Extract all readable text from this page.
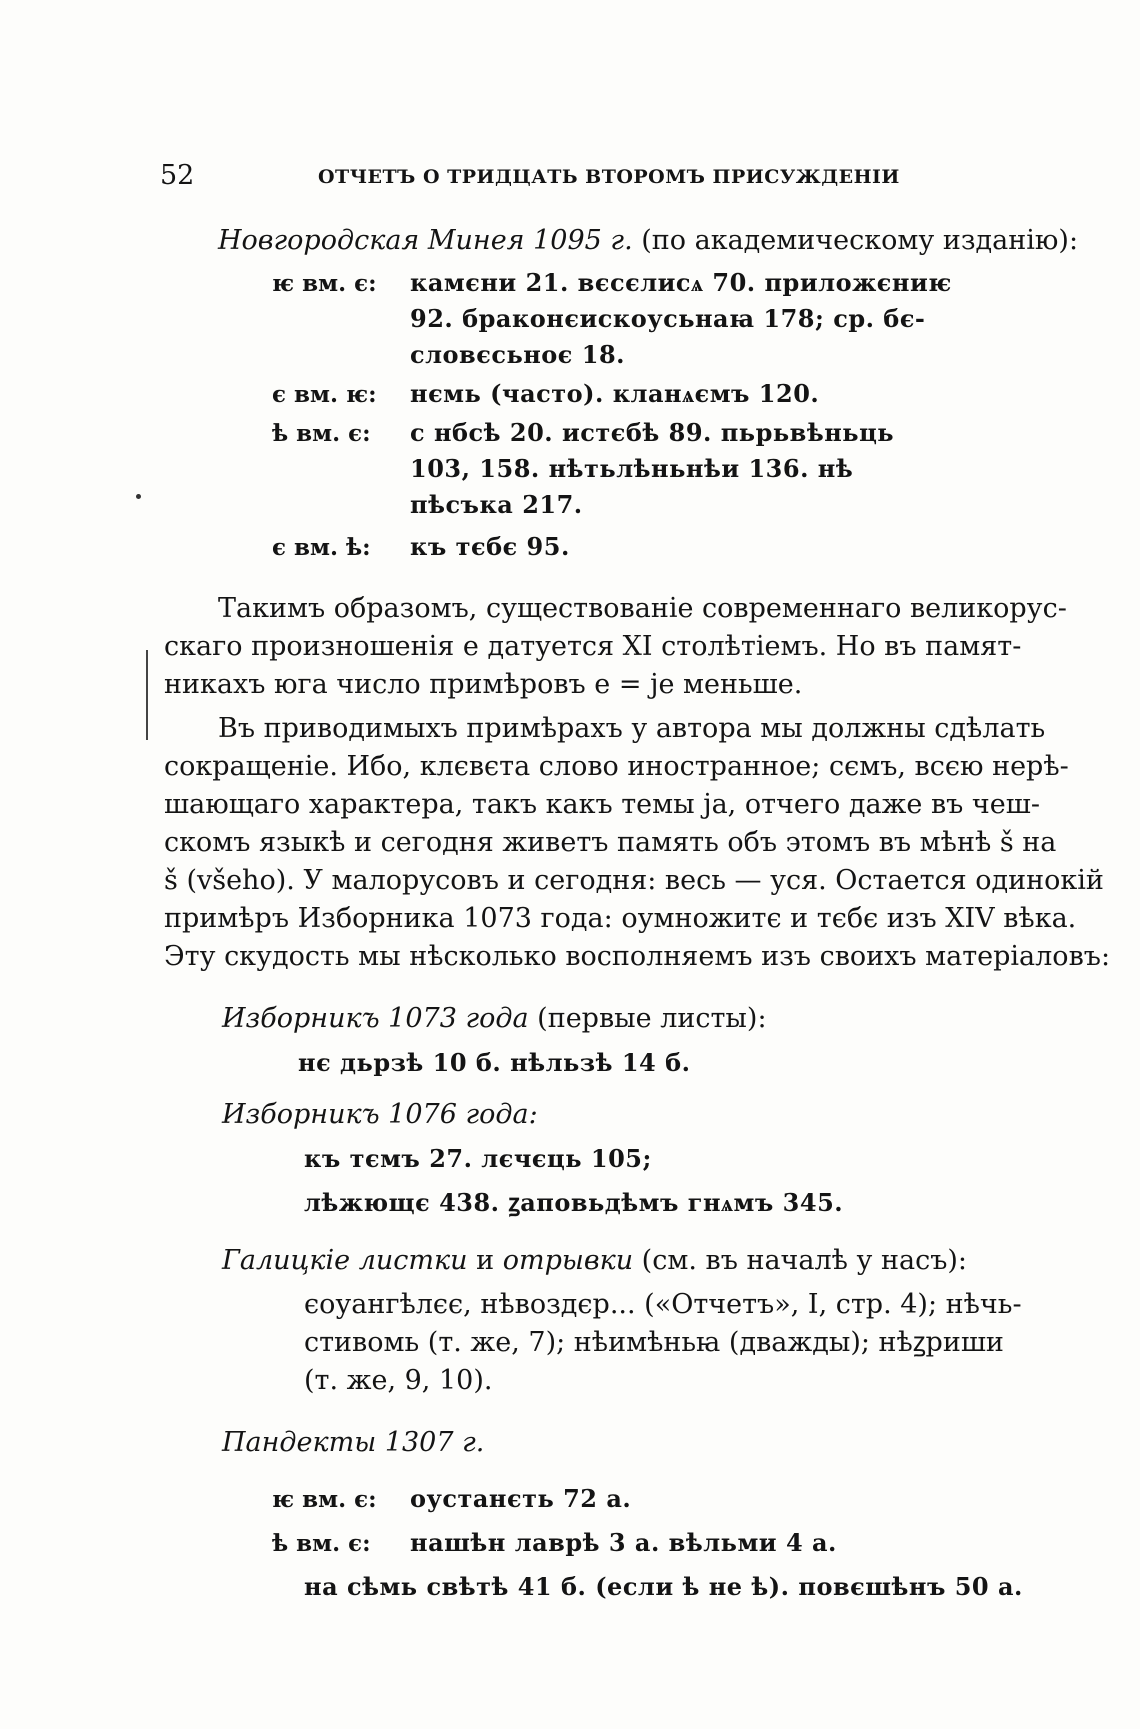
52	ОТЧЕТЪ О ТРИДЦАТЬ ВТОРОМЪ ПРИСУЖДЕНІИ
Новгородская Минея 1095 г. (по академическому изданію):
ѥ вм. є: камєни 21. вєсєлисѧ 70. приложєниѥ
92. браконєискоусьнаꙗ 178; ср. бє-
словєсьноє 18.
є вм. ѥ: нємь (часто). кланѧємъ 120.
ѣ вм. є: с нбсѣ 20. истєбѣ 89. пьрьвѣньць
103, 158. нѣтьлѣньнѣи 136. нѣ
пѣсъка 217.
є вм. ѣ: къ тєбє 95.
Такимъ образомъ, существованіе современнаго великорус-
скаго произношенія е датуется XI столѣтіемъ. Но въ памят-
никахъ юга число примѣровъ е = je меньше.
Въ приводимыхъ примѣрахъ у автора мы должны сдѣлать
сокращеніе. Ибо, клєвєта слово иностранное; сємъ, всєю нерѣ-
шающаго характера, такъ какъ темы ja, отчего даже въ чеш-
скомъ языкѣ и сегодня живетъ память объ этомъ въ мѣнѣ š на
š (všeho). У малорусовъ и сегодня: весь — уся. Остается одинокій
примѣръ Изборника 1073 года: оумножитє и тєбє изъ XIV вѣка.
Эту скудость мы нѣсколько восполняемъ изъ своихъ матеріаловъ:
Изборникъ 1073 года (первые листы):
нє дьрзѣ 10 б. нѣльзѣ 14 б.
Изборникъ 1076 года:
къ тємъ 27. лєчєць 105;
лѣжющє 438. ꙁаповьдѣмъ гнѧмъ 345.
Галицкіе листки и отрывки (см. въ началѣ у насъ):
єоуангѣлєє, нѣвоздєр... («Отчетъ», I, стр. 4); нѣчь-
стивомь (т. же, 7); нѣимѣньꙗ (дважды); нѣꙁриши
(т. же, 9, 10).
Пандекты 1307 г.
ѥ вм. є: оустанєть 72 а.
ѣ вм. є: нашѣн лаврѣ 3 а. вѣльми 4 а.
на сѣмь свѣтѣ 41 б. (если ѣ не ѣ). повєшѣнъ 50 а.
